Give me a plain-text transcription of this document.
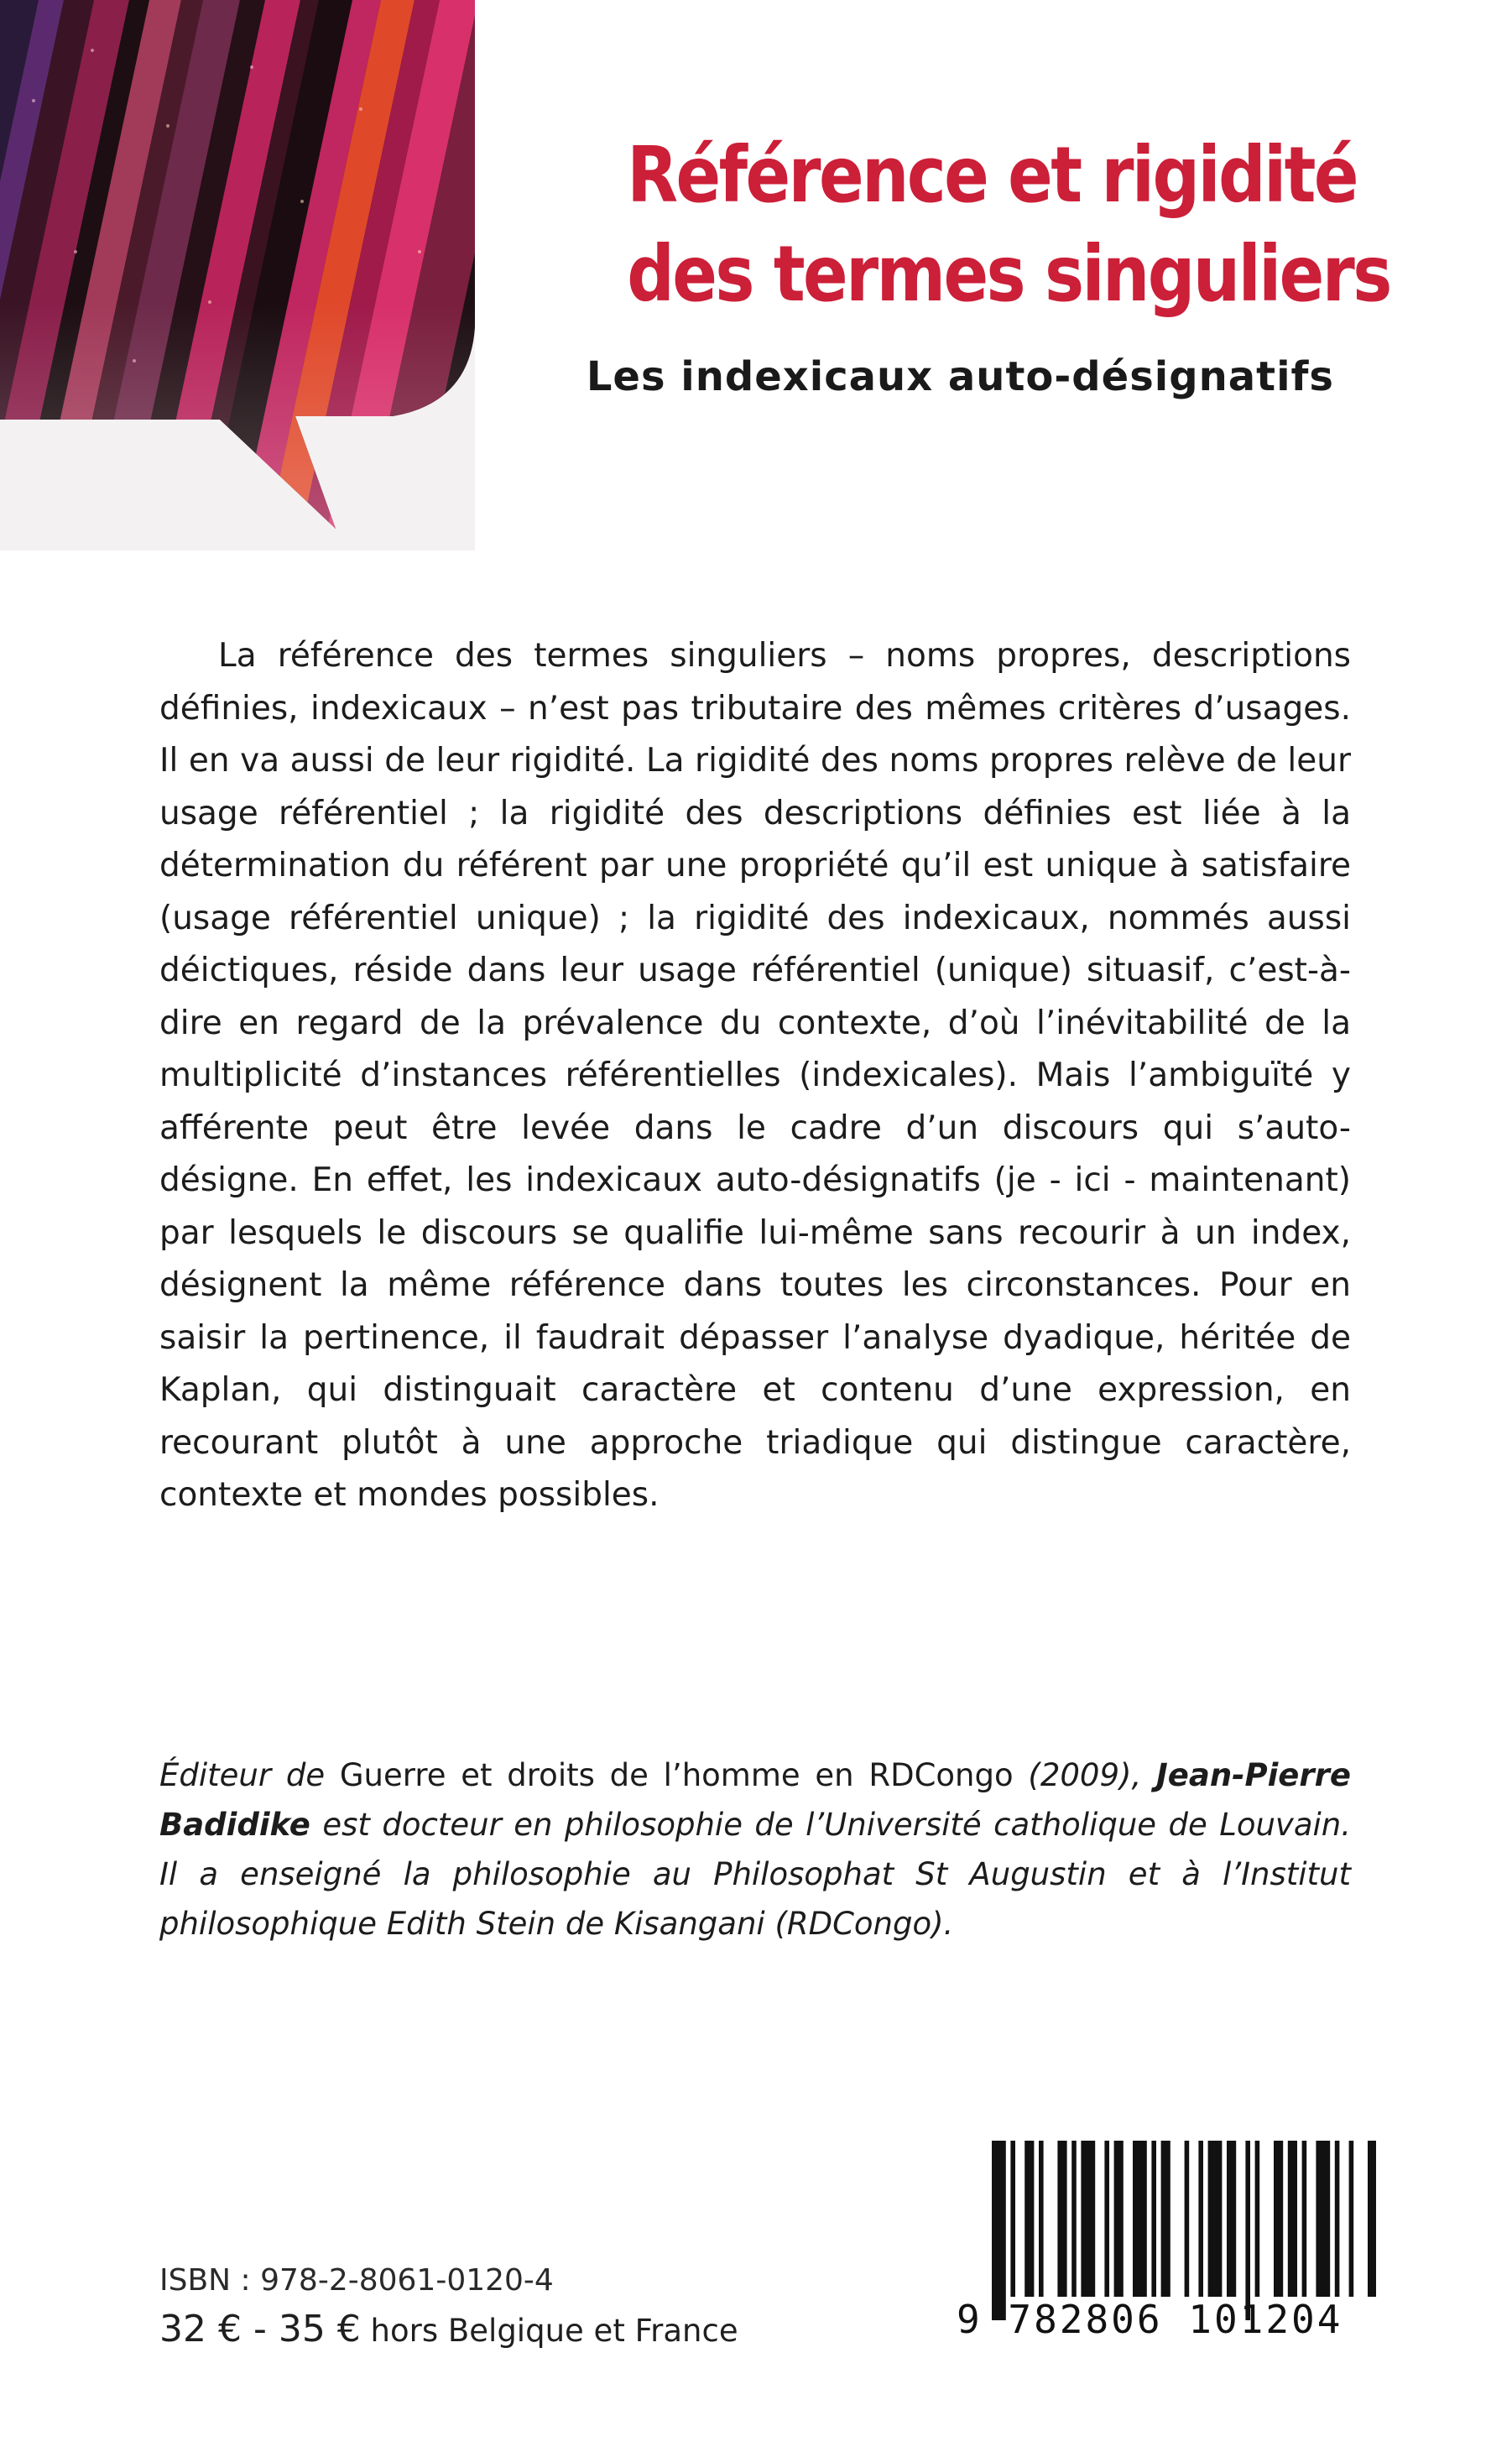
Référence et rigidité
des termes singuliers
Les indexicaux auto-désignatifs

La référence des termes singuliers – noms propres, descriptions définies, indexicaux – n’est pas tributaire des mêmes critères d’usages. Il en va aussi de leur rigidité. La rigidité des noms propres relève de leur usage référentiel ; la rigidité des descriptions définies est liée à la détermination du référent par une propriété qu’il est unique à satisfaire (usage référentiel unique) ; la rigidité des indexicaux, nommés aussi déictiques, réside dans leur usage référentiel (unique) situasif, c’est-à-dire en regard de la prévalence du contexte, d’où l’inévitabilité de la multiplicité d’instances référentielles (indexicales). Mais l’ambiguïté y afférente peut être levée dans le cadre d’un discours qui s’auto-désigne. En effet, les indexicaux auto-désignatifs (je - ici - maintenant) par lesquels le discours se qualifie lui-même sans recourir à un index, désignent la même référence dans toutes les circonstances. Pour en saisir la pertinence, il faudrait dépasser l’analyse dyadique, héritée de Kaplan, qui distinguait caractère et contenu d’une expression, en recourant plutôt à une approche triadique qui distingue caractère, contexte et mondes possibles.

Éditeur de Guerre et droits de l’homme en RDCongo (2009), Jean-Pierre Badidike est docteur en philosophie de l’Université catholique de Louvain. Il a enseigné la philosophie au Philosophat St Augustin et à l’Institut philosophique Edith Stein de Kisangani (RDCongo).

ISBN : 978-2-8061-0120-4

32 € - 35 € hors Belgique et France	9 782806 101204
